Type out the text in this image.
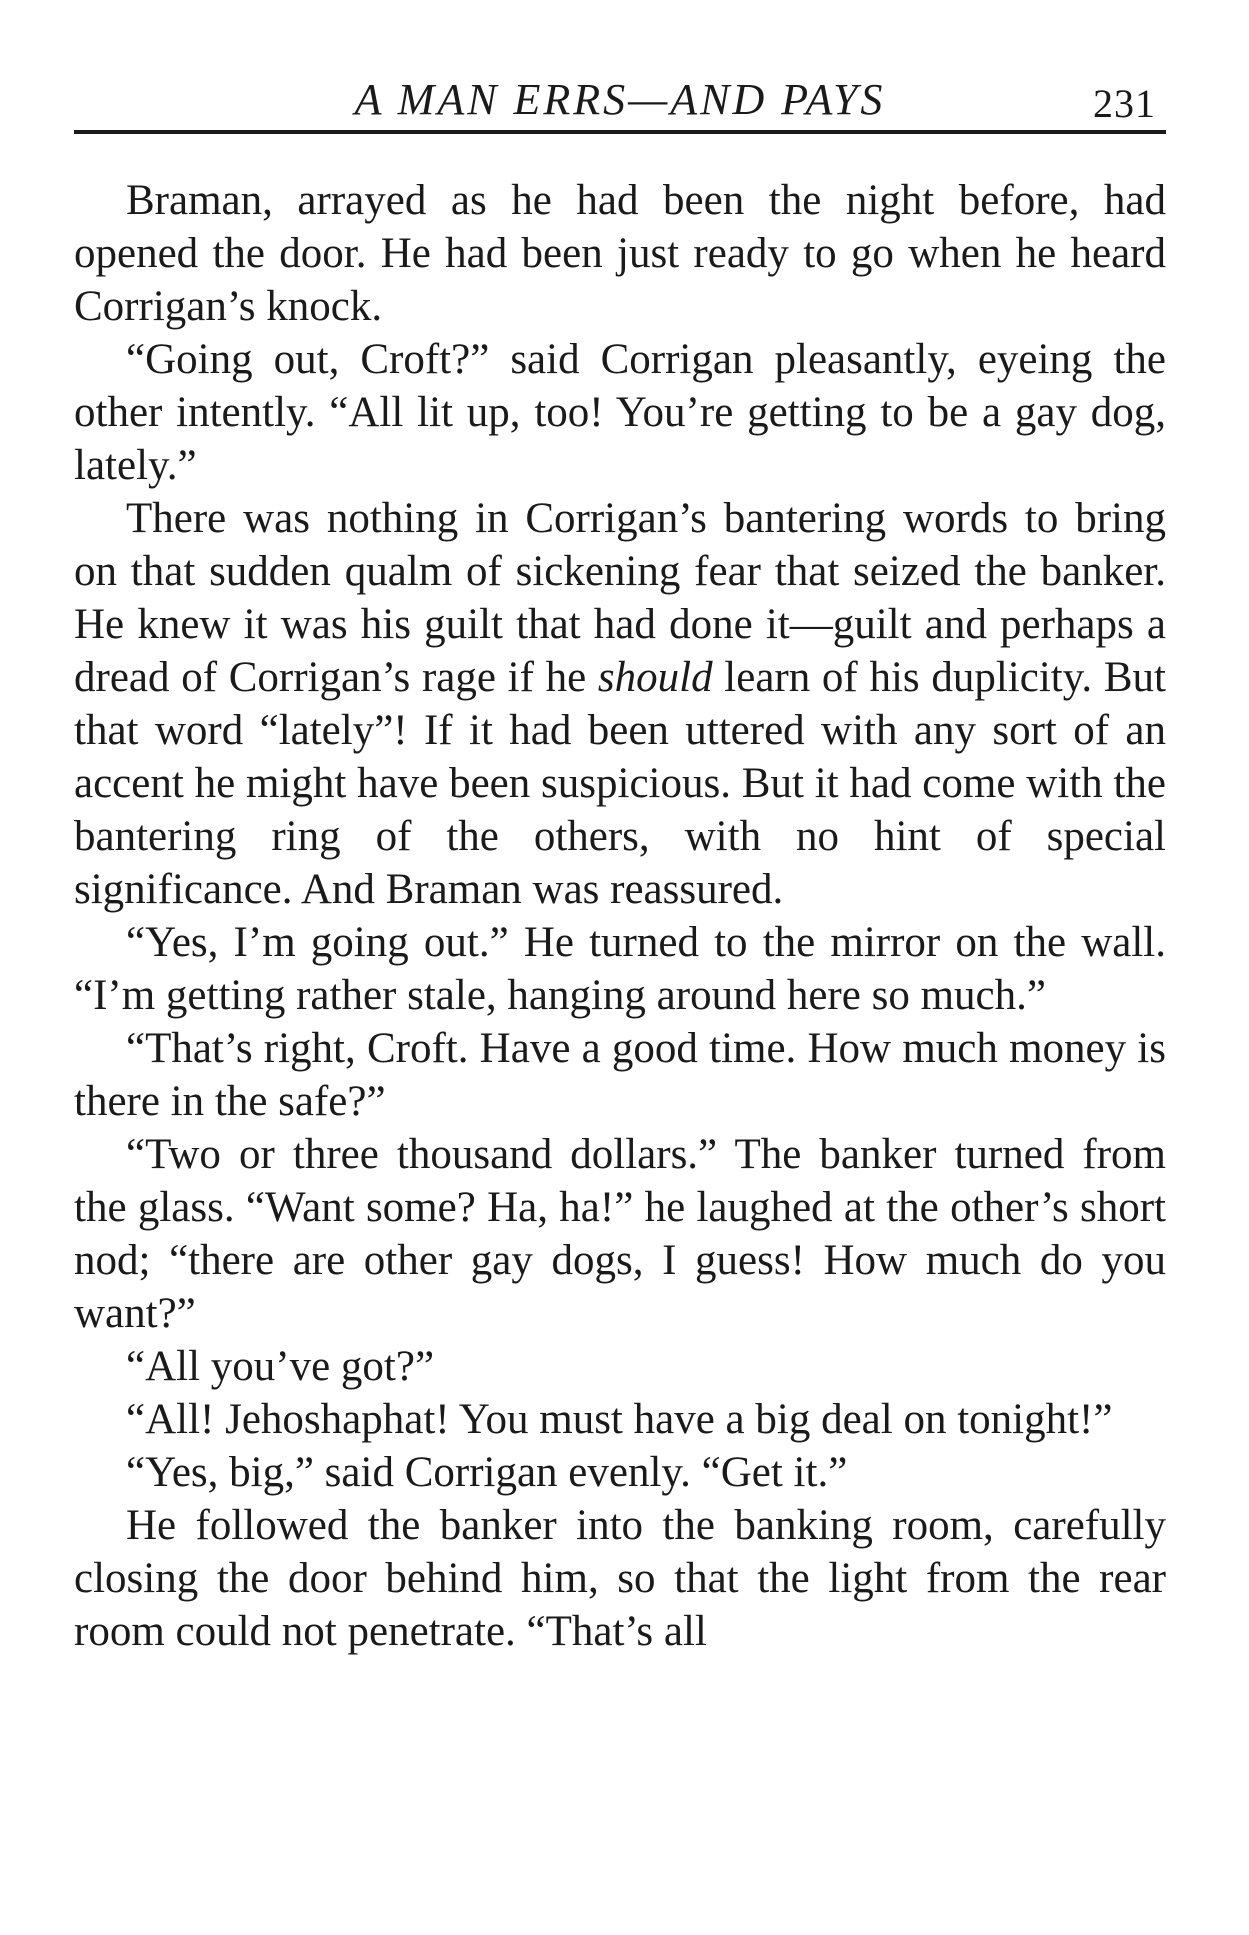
A MAN ERRS—AND PAYS	231

Braman, arrayed as he had been the night before, had opened the door. He had been just ready to go when he heard Corrigan’s knock.

“Going out, Croft?” said Corrigan pleasantly, eyeing the other intently. “All lit up, too! You’re getting to be a gay dog, lately.”

There was nothing in Corrigan’s bantering words to bring on that sudden qualm of sickening fear that seized the banker. He knew it was his guilt that had done it—guilt and perhaps a dread of Corrigan’s rage if he should learn of his duplicity. But that word “lately”! If it had been uttered with any sort of an accent he might have been suspicious. But it had come with the bantering ring of the others, with no hint of special significance. And Braman was reassured.

“Yes, I’m going out.” He turned to the mirror on the wall. “I’m getting rather stale, hanging around here so much.”

“That’s right, Croft. Have a good time. How much money is there in the safe?”

“Two or three thousand dollars.” The banker turned from the glass. “Want some? Ha, ha!” he laughed at the other’s short nod; “there are other gay dogs, I guess! How much do you want?”

“All you’ve got?”

“All! Jehoshaphat! You must have a big deal on tonight!”

“Yes, big,” said Corrigan evenly. “Get it.”

He followed the banker into the banking room, carefully closing the door behind him, so that the light from the rear room could not penetrate. “That’s all
